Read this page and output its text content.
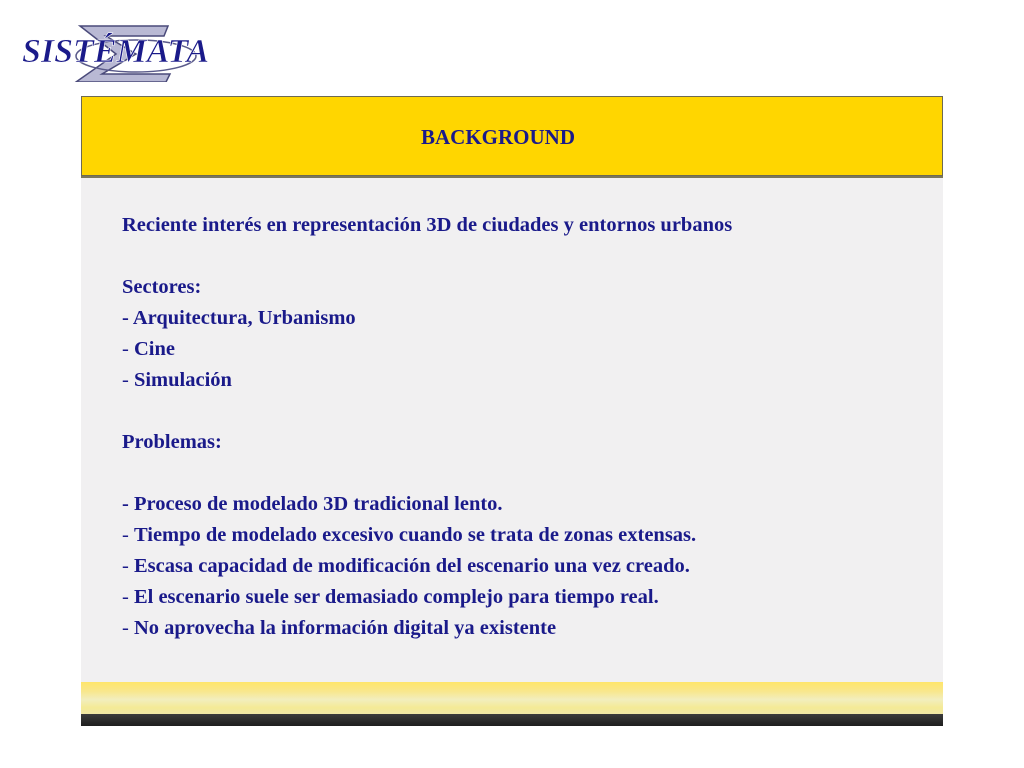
SISTÉMATA
BACKGROUND
Reciente interés en representación 3D de ciudades y entornos urbanos
Sectores:
- Arquitectura, Urbanismo
- Cine
- Simulación
Problemas:
- Proceso de modelado 3D tradicional lento.
- Tiempo de modelado excesivo cuando se trata de zonas extensas.
- Escasa capacidad de modificación del escenario una vez creado.
- El escenario suele ser demasiado complejo para tiempo real.
- No aprovecha la información digital ya existente
